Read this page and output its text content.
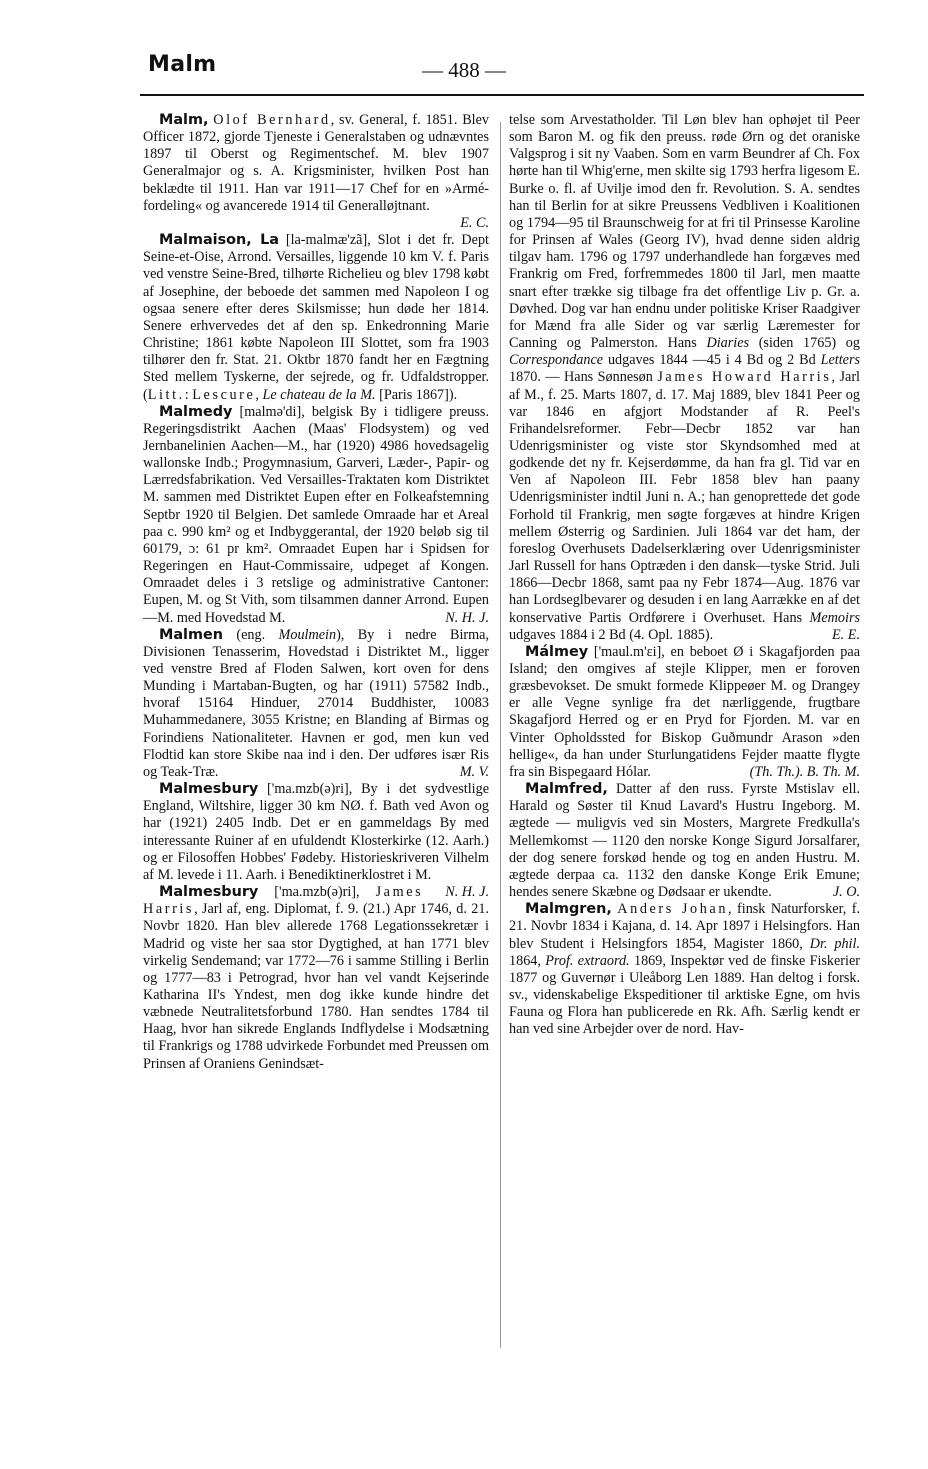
Malm	— 488 —

Malm, Olof Bernhard, sv. General, f. 1851. Blev Officer 1872, gjorde Tjeneste i Generalstaben og udnævntes 1897 til Oberst og Regimentschef. M. blev 1907 Generalmajor og s. A. Krigsminister, hvilken Post han beklædte til 1911. Han var 1911—17 Chef for en »Armé-fordeling« og avancerede 1914 til Generalløjtnant.
E. C.

Malmaison, La [la-malmæ'zã], Slot i det fr. Dept Seine-et-Oise, Arrond. Versailles, liggende 10 km V. f. Paris ved venstre Seine-Bred, tilhørte Richelieu og blev 1798 købt af Josephine, der beboede det sammen med Napoleon I og ogsaa senere efter deres Skilsmisse; hun døde her 1814. Senere erhvervedes det af den sp. Enkedronning Marie Christine; 1861 købte Napoleon III Slottet, som fra 1903 tilhører den fr. Stat. 21. Oktbr 1870 fandt her en Fægtning Sted mellem Tyskerne, der sejrede, og fr. Udfaldstropper. (Litt.: Lescure, Le chateau de la M. [Paris 1867]).

Malmedy [malmə'di], belgisk By i tidligere preuss. Regeringsdistrikt Aachen (Maas' Flodsystem) og ved Jernbanelinien Aachen—M., har (1920) 4986 hovedsagelig wallonske Indb.; Progymnasium, Garveri, Læder-, Papir- og Lærredsfabrikation. Ved Versailles-Traktaten kom Distriktet M. sammen med Distriktet Eupen efter en Folkeafstemning Septbr 1920 til Belgien. Det samlede Omraade har et Areal paa c. 990 km² og et Indbyggerantal, der 1920 beløb sig til 60179, ɔ: 61 pr km². Omraadet Eupen har i Spidsen for Regeringen en Haut-Commissaire, udpeget af Kongen. Omraadet deles i 3 retslige og administrative Cantoner: Eupen, M. og St Vith, som tilsammen danner Arrond. Eupen—M. med Hovedstad M.	N. H. J.

Malmen (eng. Moulmein), By i nedre Birma, Divisionen Tenasserim, Hovedstad i Distriktet M., ligger ved venstre Bred af Floden Salwen, kort oven for dens Munding i Martaban-Bugten, og har (1911) 57582 Indb., hvoraf 15164 Hinduer, 27014 Buddhister, 10083 Muhammedanere, 3055 Kristne; en Blanding af Birmas og Forindiens Nationaliteter. Havnen er god, men kun ved Flodtid kan store Skibe naa ind i den. Der udføres især Ris og Teak-Træ.	M. V.

Malmesbury ['ma.mzb(ə)ri], By i det sydvestlige England, Wiltshire, ligger 30 km NØ. f. Bath ved Avon og har (1921) 2405 Indb. Det er en gammeldags By med interessante Ruiner af en ufuldendt Klosterkirke (12. Aarh.) og er Filosoffen Hobbes' Fødeby. Historieskriveren Vilhelm af M. levede i 11. Aarh. i Benediktinerklostret i M.
N. H. J.

Malmesbury ['ma.mzb(ə)ri], James Harris, Jarl af, eng. Diplomat, f. 9. (21.) Apr 1746, d. 21. Novbr 1820. Han blev allerede 1768 Legationssekretær i Madrid og viste her saa stor Dygtighed, at han 1771 blev virkelig Sendemand; var 1772—76 i samme Stilling i Berlin og 1777—83 i Petrograd, hvor han vel vandt Kejserinde Katharina II's Yndest, men dog ikke kunde hindre det væbnede Neutralitetsforbund 1780. Han sendtes 1784 til Haag, hvor han sikrede Englands Indflydelse i Modsætning til Frankrigs og 1788 udvirkede Forbundet med Preussen om Prinsen af Oraniens Genindsæt-

telse som Arvestatholder. Til Løn blev han ophøjet til Peer som Baron M. og fik den preuss. røde Ørn og det oraniske Valgsprog i sit ny Vaaben. Som en varm Beundrer af Ch. Fox hørte han til Whig'erne, men skilte sig 1793 herfra ligesom E. Burke o. fl. af Uvilje imod den fr. Revolution. S. A. sendtes han til Berlin for at sikre Preussens Vedbliven i Koalitionen og 1794—95 til Braunschweig for at fri til Prinsesse Karoline for Prinsen af Wales (Georg IV), hvad denne siden aldrig tilgav ham. 1796 og 1797 underhandlede han forgæves med Frankrig om Fred, forfremmedes 1800 til Jarl, men maatte snart efter trække sig tilbage fra det offentlige Liv p. Gr. a. Døvhed. Dog var han endnu under politiske Kriser Raadgiver for Mænd fra alle Sider og var særlig Læremester for Canning og Palmerston. Hans Diaries (siden 1765) og Correspondance udgaves 1844 —45 i 4 Bd og 2 Bd Letters 1870. — Hans Sønnesøn James Howard Harris, Jarl af M., f. 25. Marts 1807, d. 17. Maj 1889, blev 1841 Peer og var 1846 en afgjort Modstander af R. Peel's Frihandelsreformer. Febr—Decbr 1852 var han Udenrigsminister og viste stor Skyndsomhed med at godkende det ny fr. Kejserdømme, da han fra gl. Tid var en Ven af Napoleon III. Febr 1858 blev han paany Udenrigsminister indtil Juni n. A.; han genoprettede det gode Forhold til Frankrig, men søgte forgæves at hindre Krigen mellem Østerrig og Sardinien. Juli 1864 var det ham, der foreslog Overhusets Dadelserklæring over Udenrigsminister Jarl Russell for hans Optræden i den dansk—tyske Strid. Juli 1866—Decbr 1868, samt paa ny Febr 1874—Aug. 1876 var han Lordseglbevarer og desuden i en lang Aarrække en af det konservative Partis Ordførere i Overhuset. Hans Memoirs udgaves 1884 i 2 Bd (4. Opl. 1885).	E. E.

Málmey ['maul.m'ɛi], en beboet Ø i Skagafjorden paa Island; den omgives af stejle Klipper, men er foroven græsbevokset. De smukt formede Klippeøer M. og Drangey er alle Vegne synlige fra det nærliggende, frugtbare Skagafjord Herred og er en Pryd for Fjorden. M. var en Vinter Opholdssted for Biskop Guðmundr Arason »den hellige«, da han under Sturlungatidens Fejder maatte flygte fra sin Bispegaard Hólar.	(Th. Th.). B. Th. M.

Malmfred, Datter af den russ. Fyrste Mstislav ell. Harald og Søster til Knud Lavard's Hustru Ingeborg. M. ægtede — muligvis ved sin Mosters, Margrete Fredkulla's Mellemkomst — 1120 den norske Konge Sigurd Jorsalfarer, der dog senere forskød hende og tog en anden Hustru. M. ægtede derpaa ca. 1132 den danske Konge Erik Emune; hendes senere Skæbne og Dødsaar er ukendte.	J. O.

Malmgren, Anders Johan, finsk Naturforsker, f. 21. Novbr 1834 i Kajana, d. 14. Apr 1897 i Helsingfors. Han blev Student i Helsingfors 1854, Magister 1860, Dr. phil. 1864, Prof. extraord. 1869, Inspektør ved de finske Fiskerier 1877 og Guvernør i Uleåborg Len 1889. Han deltog i forsk. sv., videnskabelige Ekspeditioner til arktiske Egne, om hvis Fauna og Flora han publicerede en Rk. Afh. Særlig kendt er han ved sine Arbejder over de nord. Hav-
